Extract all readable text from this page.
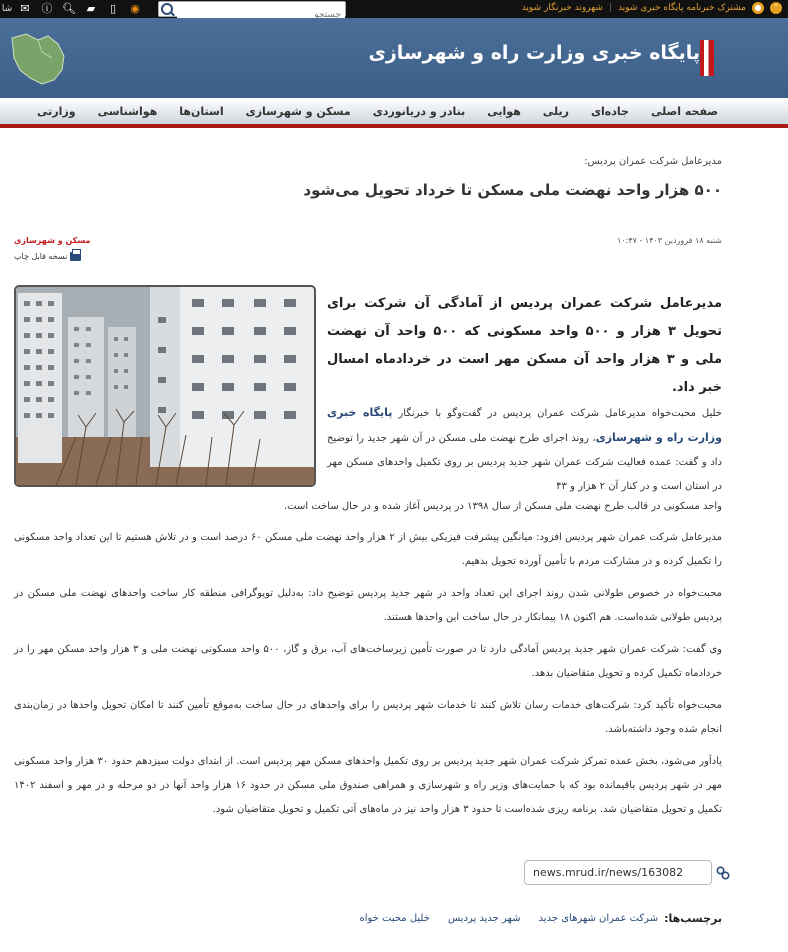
⌃
●
مشترک خبرنامه پایگاه خبری شوید
|
شهروند خبرنگار شوید
شا ✉	ⓘ 🔍︎ ▰	▯	◉
جستجو
پایگاه خبری وزارت راه و شهرسازی
صفحه اصلی
جاده‌ای
ریلی
هوایی
بنادر و دریانوردی
مسکن و شهرسازی
استان‌ها
هواشناسی
وزارتی
مدیرعامل شرکت عمران پردیس:
۵۰۰ هزار واحد نهضت ملی مسکن تا خرداد تحویل می‌شود
شنبه ۱۸ فروردین ۱۴۰۳ - ۱۰:۴۷
مسکن و شهرسازی
نسخه قابل چاپ
مدیرعامل شرکت عمران پردیس از آمادگی آن شرکت برای تحویل ۳ هزار و ۵۰۰ واحد مسکونی که ۵۰۰ واحد آن نهضت ملی و ۳ هزار واحد آن مسکن مهر است در خردادماه امسال خبر داد.
خلیل محبت‌خواه مدیرعامل شرکت عمران پردیس در گفت‌وگو با خبرنگار پایگاه خبری وزارت راه و شهرسازی، روند اجرای طرح نهضت ملی مسکن در آن شهر جدید را توضیح داد و گفت: عمده فعالیت شرکت عمران شهر جدید پردیس بر روی تکمیل واحدهای مسکن مهر در استان است و در کنار آن ۲ هزار و ۴۳
واحد مسکونی در قالب طرح نهضت ملی مسکن از سال ۱۳۹۸ در پردیس آغاز شده و در حال ساخت است.
مدیرعامل شرکت عمران شهر پردیس افزود: میانگین پیشرفت فیزیکی بیش از ۲ هزار واحد نهضت ملی مسکن ۶۰ درصد است و در تلاش هستیم تا این تعداد واحد مسکونی را تکمیل کرده و در مشارکت مردم با تأمین آورده تحویل بدهیم.
محبت‌خواه در خصوص طولانی شدن روند اجرای این تعداد واحد در شهر جدید پردیس توضیح داد: به‌دلیل توپوگرافی منطقه کار ساخت واحدهای نهضت ملی مسکن در پردیس طولانی شده‌است. هم اکنون ۱۸ پیمانکار در حال ساخت این واحدها هستند.
وی گفت: شرکت عمران شهر جدید پردیس آمادگی دارد تا در صورت تأمین زیرساخت‌های آب، برق و گاز، ۵۰۰ واحد مسکونی نهضت ملی و ۳ هزار واحد مسکن مهر را در خردادماه تکمیل کرده و تحویل متقاضیان بدهد.
محبت‌خواه تأکید کرد: شرکت‌های خدمات رسان تلاش کنند تا خدمات شهر پردیس را برای واحدهای در حال ساخت به‌موقع تأمین کنند تا امکان تحویل واحدها در زمان‌بندی انجام شده وجود داشته‌باشد.
یادآور می‌شود، بخش عمده تمرکز شرکت عمران شهر جدید پردیس بر روی تکمیل واحدهای مسکن مهر پردیس است. از ابتدای دولت سیزدهم حدود ۳۰ هزار واحد مسکونی مهر در شهر پردیس باقیمانده بود که با حمایت‌های وزیر راه و شهرسازی و همراهی صندوق ملی مسکن در حدود ۱۶ هزار واحد آنها در دو مرحله و در مهر و اسفند ۱۴۰۲ تکمیل و تحویل متقاضیان شد. برنامه ریزی شده‌است تا حدود ۳ هزار واحد نیز در ماه‌های آتی تکمیل و تحویل متقاضیان شود.
news.mrud.ir/news/163082
برچسب‌ها:
شرکت عمران شهرهای جدید
شهر جدید پردیس
خلیل محبت خواه
